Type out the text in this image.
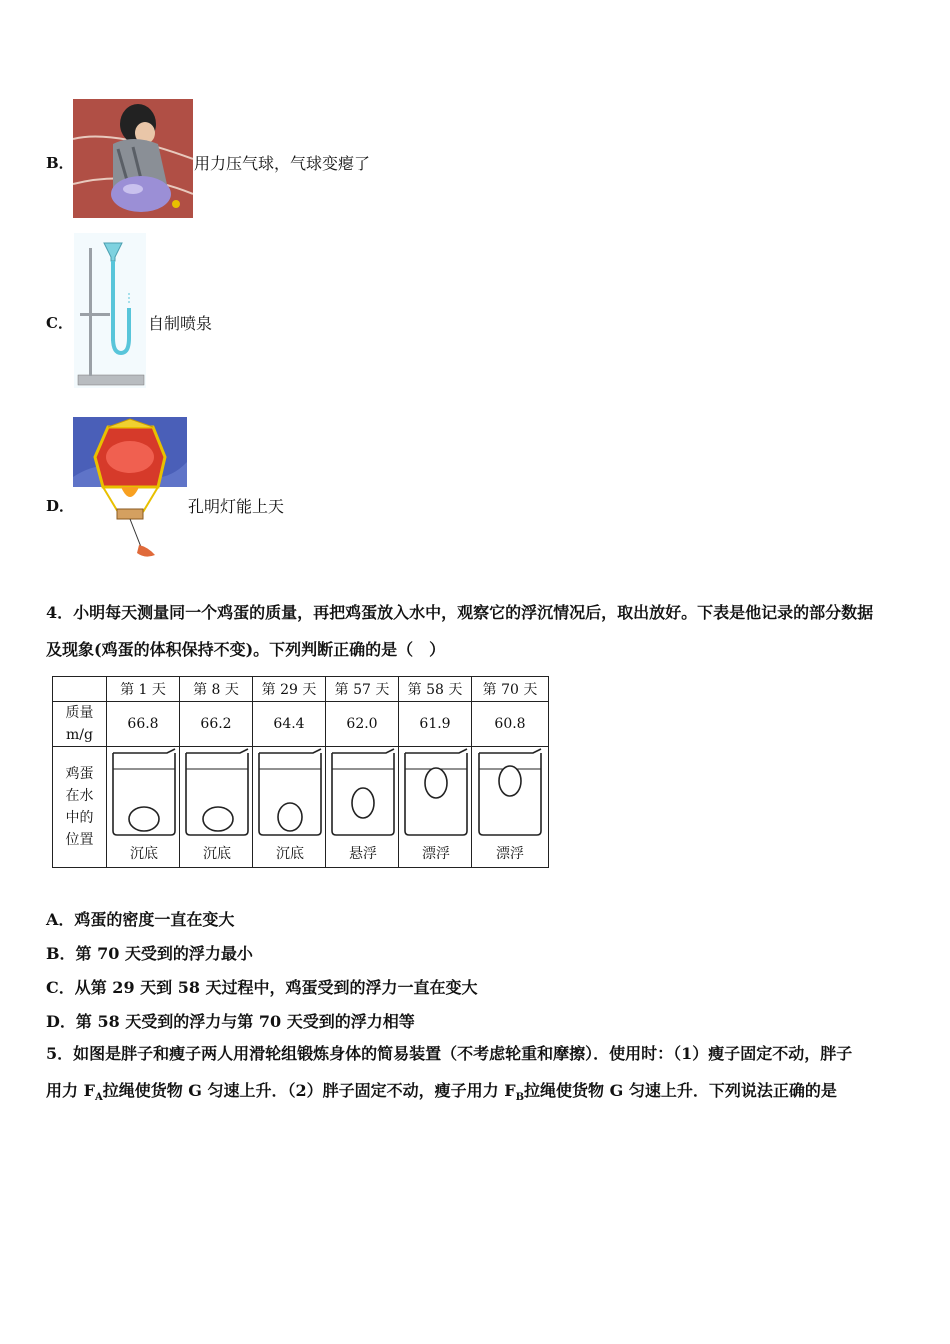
B．	用力压气球，气球变瘪了
C．	自制喷泉
D．	孔明灯能上天
4．小明每天测量同一个鸡蛋的质量，再把鸡蛋放入水中，观察它的浮沉情况后，取出放好。下表是他记录的部分数据
及现象(鸡蛋的体积保持不变)。下列判断正确的是（　）
	第 1 天	第 8 天	第 29 天	第 57 天	第 58 天	第 70 天

质量
m/g	66.8	66.2	64.4	62.0	61.9	60.8

鸡蛋
在水
中的
位置	沉底	沉底	沉底	悬浮	漂浮	漂浮
A．鸡蛋的密度一直在变大
B．第 70 天受到的浮力最小
C．从第 29 天到 58 天过程中，鸡蛋受到的浮力一直在变大
D．第 58 天受到的浮力与第 70 天受到的浮力相等
5．如图是胖子和瘦子两人用滑轮组锻炼身体的简易装置（不考虑轮重和摩擦）．使用时：（1）瘦子固定不动，胖子
用力 $F_A$拉绳使货物 G 匀速上升．（2）胖子固定不动，瘦子用力 $F_B$拉绳使货物 G 匀速上升．下列说法正确的是
